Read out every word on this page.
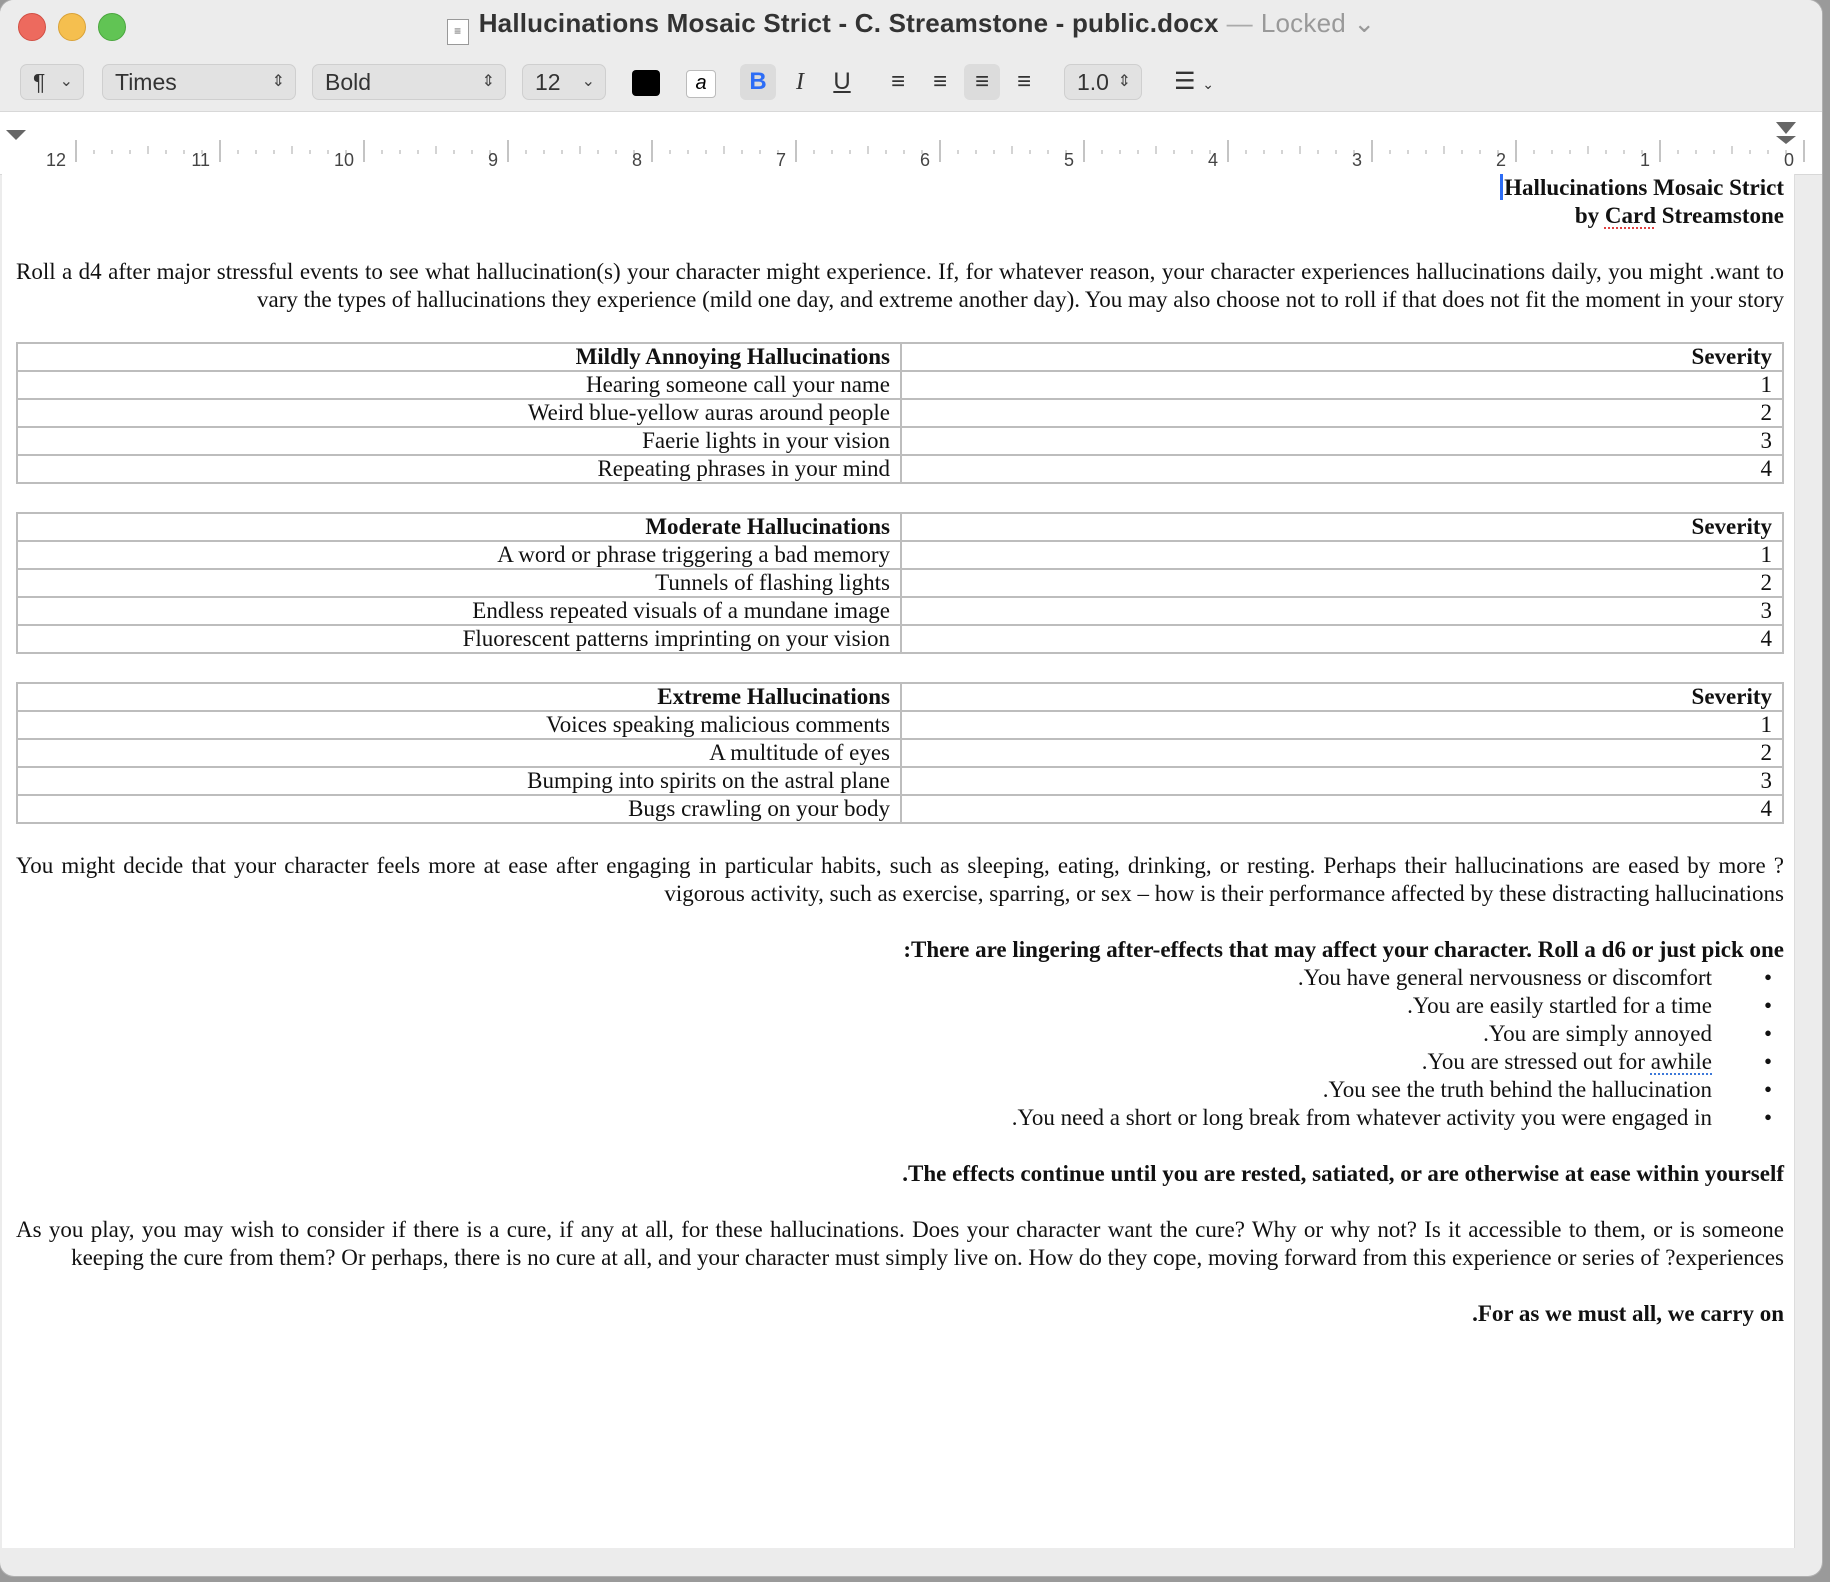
≡ Hallucinations Mosaic Strict - C. Streamstone - public.docx — Locked ⌄
¶ ⌄	Times	⇕	Bold	⇕	12 ⌄	a	B	I	U	≡	≡	≡	≡	1.0 ⇕	☰ ⌄
12	11	10	9	8	7	6	5	4	3	2	1	0

Hallucinations Mosaic Strict

by Card Streamstone

Roll a d4 after major stressful events to see what hallucination(s) your character might experience. If, for whatever reason, your character experiences hallucinations daily, you might .want to vary the types of hallucinations they experience (mild one day, and extreme another day). You may also choose not to roll if that does not fit the moment in your story

Mildly Annoying Hallucinations	Severity
Hearing someone call your name	1
Weird blue-yellow auras around people	2
Faerie lights in your vision	3
Repeating phrases in your mind	4
Moderate Hallucinations	Severity
A word or phrase triggering a bad memory	1
Tunnels of flashing lights	2
Endless repeated visuals of a mundane image	3
Fluorescent patterns imprinting on your vision	4
Extreme Hallucinations	Severity
Voices speaking malicious comments	1
A multitude of eyes	2
Bumping into spirits on the astral plane	3
Bugs crawling on your body	4

You might decide that your character feels more at ease after engaging in particular habits, such as sleeping, eating, drinking, or resting. Perhaps their hallucinations are eased by more ?vigorous activity, such as exercise, sparring, or sex – how is their performance affected by these distracting hallucinations

:There are lingering after-effects that may affect your character. Roll a d6 or just pick one

.You have general nervousness or discomfort •
.You are easily startled for a time •
.You are simply annoyed •
.You are stressed out for awhile •
.You see the truth behind the hallucination •
.You need a short or long break from whatever activity you were engaged in •

.The effects continue until you are rested, satiated, or are otherwise at ease within yourself

As you play, you may wish to consider if there is a cure, if any at all, for these hallucinations. Does your character want the cure? Why or why not? Is it accessible to them, or is someone keeping the cure from them? Or perhaps, there is no cure at all, and your character must simply live on. How do they cope, moving forward from this experience or series of ?experiences

.For as we must all, we carry on
